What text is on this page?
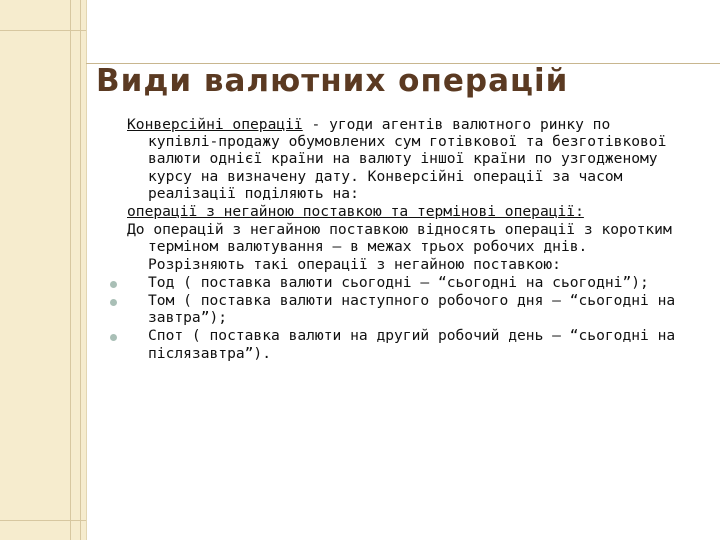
Види валютних операцій
Конверсійні операції - угоди агентів валютного ринку по купівлі-продажу обумовлених сум готівкової та безготівкової валюти однієї країни на валюту іншої країни по узгодженому курсу на визначену дату. Конверсійні операції за часом реалізації поділяють на:
операції з негайною поставкою та термінові операції:
До операцій з негайною поставкою відносять операції з коротким терміном валютування – в межах трьох робочих днів. Розрізняють такі операції з негайною поставкою:
Тод ( поставка валюти сьогодні – “сьогодні на сьогодні”);
Том ( поставка валюти наступного робочого дня – “сьогодні на завтра”);
Спот ( поставка валюти на другий робочий день – “сьогодні на післязавтра”).
